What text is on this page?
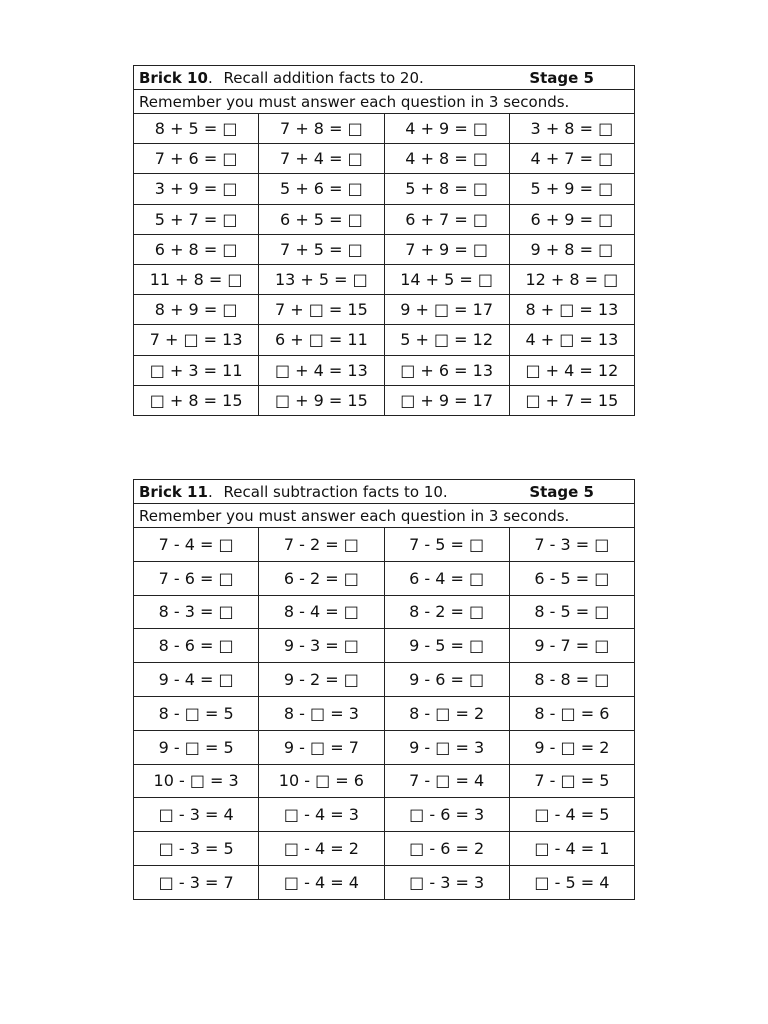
Brick 10. Recall addition facts to 20. Stage 5			

Remember you must answer each question in 3 seconds.			
8 + 5 = □	7 + 8 = □	4 + 9 = □	3 + 8 = □
7 + 6 = □	7 + 4 = □	4 + 8 = □	4 + 7 = □
3 + 9 = □	5 + 6 = □	5 + 8 = □	5 + 9 = □
5 + 7 = □	6 + 5 = □	6 + 7 = □	6 + 9 = □
6 + 8 = □	7 + 5 = □	7 + 9 = □	9 + 8 = □
11 + 8 = □	13 + 5 = □	14 + 5 = □	12 + 8 = □
8 + 9 = □	7 + □ = 15	9 + □ = 17	8 + □ = 13
7 + □ = 13	6 + □ = 11	5 + □ = 12	4 + □ = 13
□ + 3 = 11	□ + 4 = 13	□ + 6 = 13	□ + 4 = 12
□ + 8 = 15	□ + 9 = 15	□ + 9 = 17	□ + 7 = 15
Brick 11. Recall subtraction facts to 10. Stage 5			

Remember you must answer each question in 3 seconds.			
7 - 4 = □	7 - 2 = □	7 - 5 = □	7 - 3 = □
7 - 6 = □	6 - 2 = □	6 - 4 = □	6 - 5 = □
8 - 3 = □	8 - 4 = □	8 - 2 = □	8 - 5 = □
8 - 6 = □	9 - 3 = □	9 - 5 = □	9 - 7 = □
9 - 4 = □	9 - 2 = □	9 - 6 = □	8 - 8 = □
8 - □ = 5	8 - □ = 3	8 - □ = 2	8 - □ = 6
9 - □ = 5	9 - □ = 7	9 - □ = 3	9 - □ = 2
10 - □ = 3	10 - □ = 6	7 - □ = 4	7 - □ = 5
□ - 3 = 4	□ - 4 = 3	□ - 6 = 3	□ - 4 = 5
□ - 3 = 5	□ - 4 = 2	□ - 6 = 2	□ - 4 = 1
□ - 3 = 7	□ - 4 = 4	□ - 3 = 3	□ - 5 = 4
